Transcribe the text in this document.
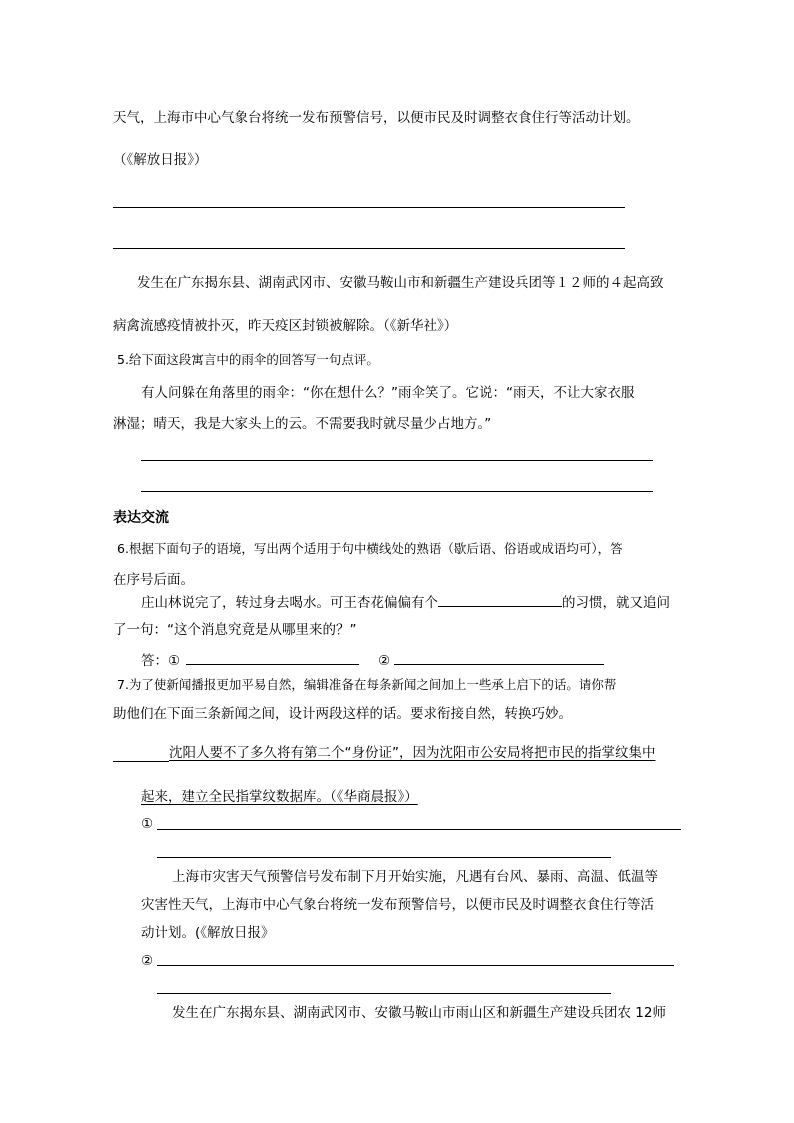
天气，上海市中心气象台将统一发布预警信号，以便市民及时调整衣食住行等活动计划。
（《解放日报》）
发生在广东揭东县、湖南武冈市、安徽马鞍山市和新疆生产建设兵团等１２师的４起高致
病禽流感疫情被扑灭，昨天疫区封锁被解除。（《新华社》）
5.给下面这段寓言中的雨伞的回答写一句点评。
有人问躲在角落里的雨伞：“你在想什么？”雨伞笑了。它说：“雨天，不让大家衣服
淋湿；晴天，我是大家头上的云。不需要我时就尽量少占地方。”
表达交流
6.根据下面句子的语境，写出两个适用于句中横线处的熟语（歇后语、俗语或成语均可），答
在序号后面。
庄山林说完了，转过身去喝水。可王杏花偏偏有个	的习惯，就又追问
了一句：“这个消息究竟是从哪里来的？”
答：①	②
7.为了使新闻播报更加平易自然，编辑准备在每条新闻之间加上一些承上启下的话。请你帮
助他们在下面三条新闻之间，设计两段这样的话。要求衔接自然，转换巧妙。
沈阳人要不了多久将有第二个“身份证”，因为沈阳市公安局将把市民的指掌纹集中
起来，建立全民指掌纹数据库。（《华商晨报》）
①
上海市灾害天气预警信号发布制下月开始实施，凡遇有台风、暴雨、高温、低温等
灾害性天气，上海市中心气象台将统一发布预警信号，以便市民及时调整衣食住行等活
动计划。(《解放日报》
②
发生在广东揭东县、湖南武冈市、安徽马鞍山市雨山区和新疆生产建设兵团农 12师
